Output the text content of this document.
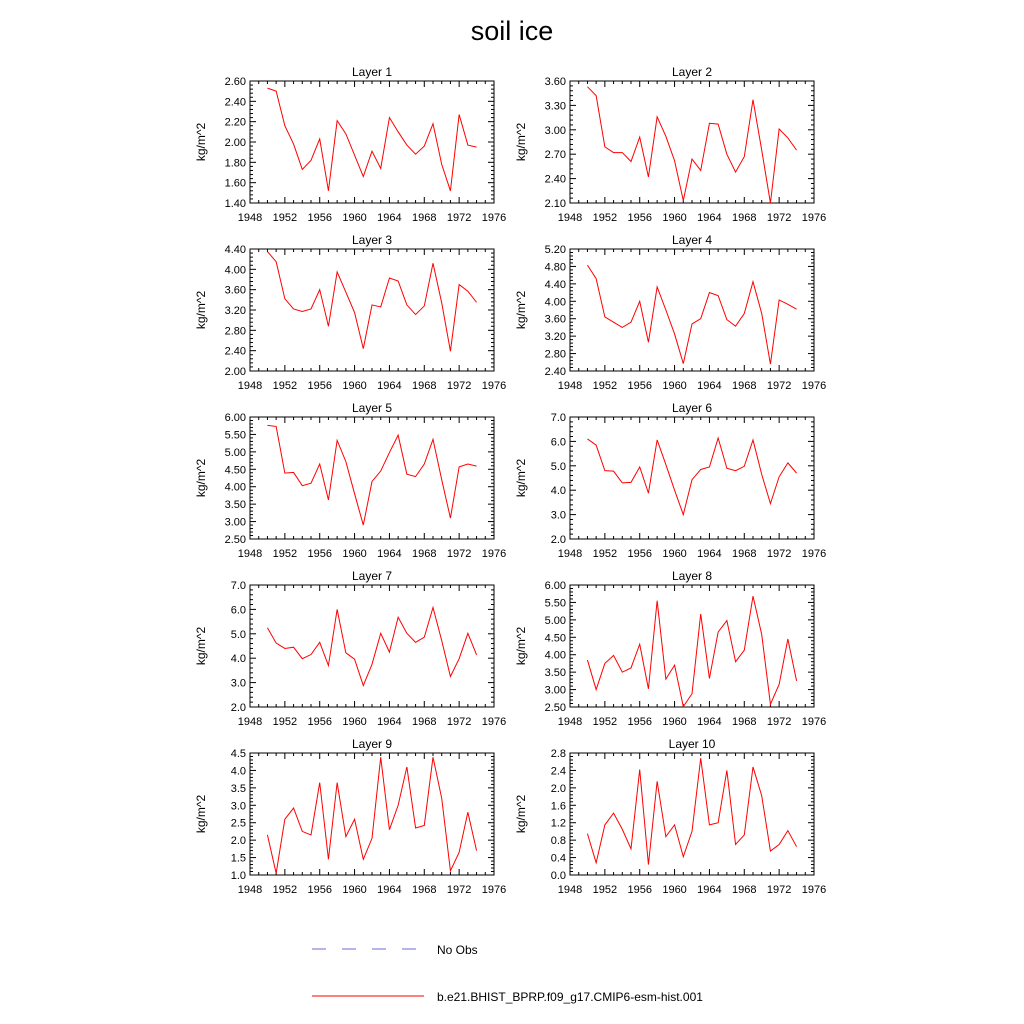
soil ice
Layer 1
kg/m^2
1.40
1.60
1.80
2.00
2.20
2.40
2.60
1948 1952 1956 1960 1964 1968 1972 1976
Layer 2
kg/m^2
2.10
2.40
2.70
3.00
3.30
3.60
1948 1952 1956 1960 1964 1968 1972 1976
Layer 3
kg/m^2
2.00
2.40
2.80
3.20
3.60
4.00
4.40
1948 1952 1956 1960 1964 1968 1972 1976
Layer 4
kg/m^2
2.40
2.80
3.20
3.60
4.00
4.40
4.80
5.20
1948 1952 1956 1960 1964 1968 1972 1976
Layer 5
kg/m^2
2.50
3.00
3.50
4.00
4.50
5.00
5.50
6.00
1948 1952 1956 1960 1964 1968 1972 1976
Layer 6
kg/m^2
2.0
3.0
4.0
5.0
6.0
7.0
1948 1952 1956 1960 1964 1968 1972 1976
Layer 7
kg/m^2
2.0
3.0
4.0
5.0
6.0
7.0
1948 1952 1956 1960 1964 1968 1972 1976
Layer 8
kg/m^2
2.50
3.00
3.50
4.00
4.50
5.00
5.50
6.00
1948 1952 1956 1960 1964 1968 1972 1976
Layer 9
kg/m^2
1.0
1.5
2.0
2.5
3.0
3.5
4.0
4.5
1948 1952 1956 1960 1964 1968 1972 1976
Layer 10
kg/m^2
0.0
0.4
0.8
1.2
1.6
2.0
2.4
2.8
1948 1952 1956 1960 1964 1968 1972 1976
No Obs
b.e21.BHIST_BPRP.f09_g17.CMIP6-esm-hist.001
